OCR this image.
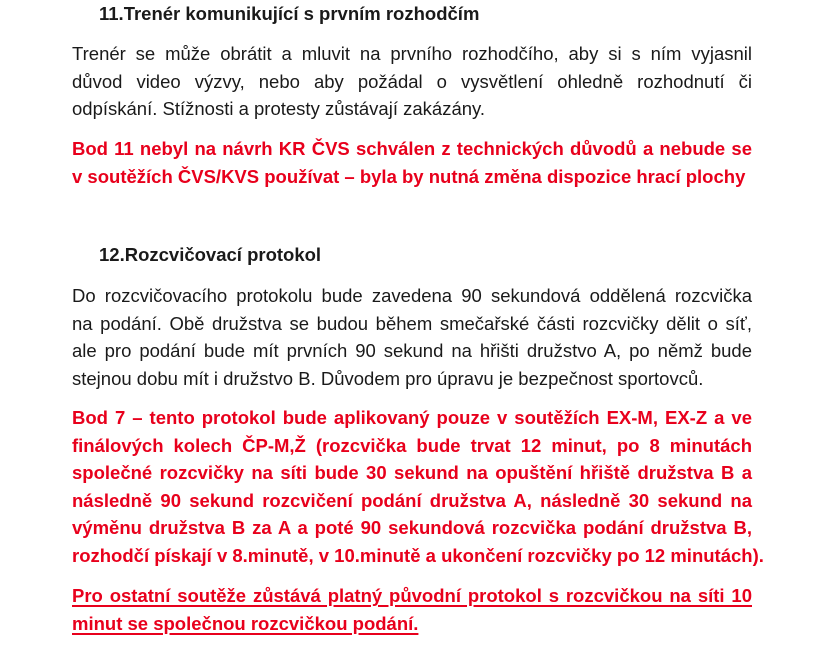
11.Trenér komunikující s prvním rozhodčím
Trenér se může obrátit a mluvit na prvního rozhodčího, aby si s ním vyjasnil
důvod video výzvy, nebo aby požádal o vysvětlení ohledně rozhodnutí či
odpískání. Stížnosti a protesty zůstávají zakázány.
Bod 11 nebyl na návrh KR ČVS schválen z technických důvodů a nebude se
v soutěžích ČVS/KVS používat – byla by nutná změna dispozice hrací plochy
12.Rozcvičovací protokol
Do rozcvičovacího protokolu bude zavedena 90 sekundová oddělená rozcvička
na podání. Obě družstva se budou během smečařské části rozcvičky dělit o síť,
ale pro podání bude mít prvních 90 sekund na hřišti družstvo A, po němž bude
stejnou dobu mít i družstvo B. Důvodem pro úpravu je bezpečnost sportovců.
Bod 7 – tento protokol bude aplikovaný pouze v soutěžích EX-M, EX-Z a ve
finálových kolech ČP-M,Ž (rozcvička bude trvat 12 minut, po 8 minutách
společné rozcvičky na síti bude 30 sekund na opuštění hřiště družstva B a
následně 90 sekund rozcvičení podání družstva A, následně 30 sekund na
výměnu družstva B za A a poté 90 sekundová rozcvička podání družstva B,
rozhodčí pískají v 8.minutě, v 10.minutě a ukončení rozcvičky po 12 minutách).
Pro ostatní soutěže zůstává platný původní protokol s rozcvičkou na síti 10
minut se společnou rozcvičkou podání.
